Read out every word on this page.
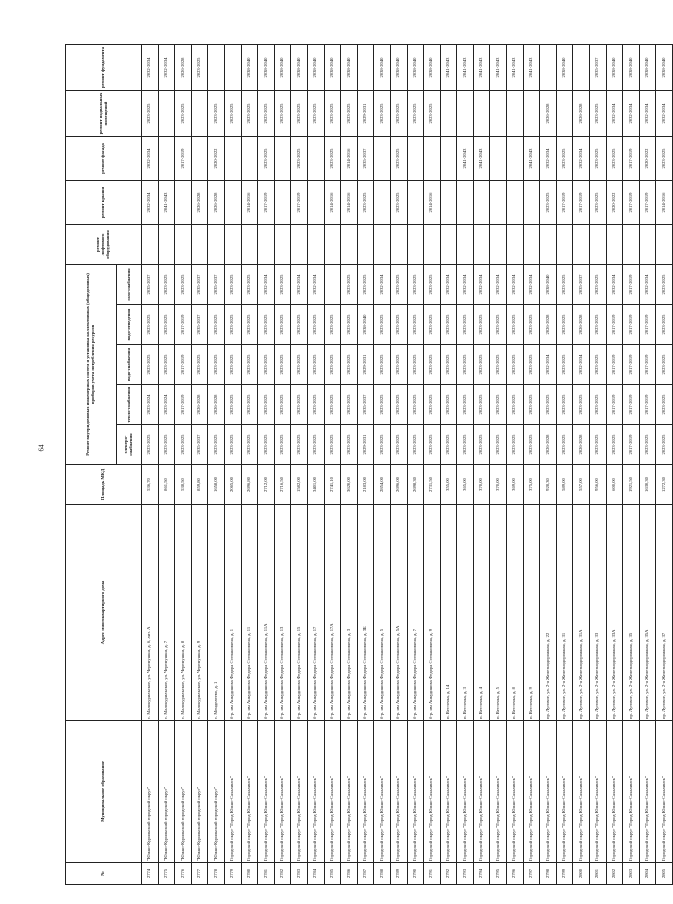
64
№	Муниципальное образование	Адрес многоквартирного дома	Площадь МКД	Ремонт внутридомовых инженерных систем и установка коллективных (общедомовых) приборов учета потребления ресурсов					ремонт лифтового оборудования	ремонт крыши	ремонт фасада	ремонт подвальных помещений	ремонт фундамента
				электро-снабжения	тепло-снабжения	водо-снабжения	водо-отведения	газо-снабжения					
2774	"Южно-Курильский городской округ"	с. Малокурильское, ул. Черемушки, д. 6, лит. А	536,70	2023-2025	2023-2024	2023-2025	2023-2025	2035-2037		2032-2034	2032-2034	2023-2025	2032-2034
2775	"Южно-Курильский городской округ"	с. Малокурильское, ул. Черемушки, д. 7	861,50	2023-2025	2023-2024	2023-2025	2023-2025	2023-2025		2041-2043			2032-2034
2776	"Южно-Курильский городской округ"	с. Малокурильское, ул. Черемушки, д. 8	538,50	2023-2025	2017-2019	2017-2019	2017-2019	2023-2025			2017-2019	2023-2025	2026-2028
2777	"Южно-Курильский городской округ"	с. Малокурильское, ул. Черемушки, д. 9	859,80	2035-2037	2026-2028	2023-2025	2035-2037	2035-2037		2026-2028			2023-2025
2778	"Южно-Курильский городской округ"	с. Менделеево, д. 1	1658,00	2023-2025	2026-2028	2023-2025	2023-2025	2035-2037		2026-2028	2020-2022	2023-2025	
2779	Городской округ "Город Южно-Сахалинск"	б-р. им Анкудинова Федора Степановича, д. 1	2065,00	2023-2025	2023-2025	2023-2025	2023-2025	2023-2025				2023-2025	
2780	Городской округ "Город Южно-Сахалинск"	б-р. им Анкудинова Федора Степановича, д. 11	2696,80	2023-2025	2023-2025	2023-2025	2023-2025	2023-2025		2014-2016		2023-2025	2038-2040
2781	Городской округ "Город Южно-Сахалинск"	б-р. им Анкудинова Федора Степановича, д. 11А	2712,00	2023-2025	2023-2025	2023-2025	2023-2025	2032-2034		2017-2019	2023-2025	2023-2025	2038-2040
2782	Городской округ "Город Южно-Сахалинск"	б-р. им Анкудинова Федора Степановича, д. 13	2716,50	2023-2025	2023-2025	2023-2025	2023-2025	2023-2025				2023-2025	2038-2040
2783	Городской округ "Город Южно-Сахалинск"	б-р. им Анкудинова Федора Степановича, д. 15	1582,00	2023-2025	2023-2025	2023-2025	2023-2025	2032-2034		2017-2019	2023-2025	2023-2025	2038-2040
2784	Городской округ "Город Южно-Сахалинск"	б-р. им Анкудинова Федора Степановича, д. 17	3401,00	2023-2025	2023-2025	2023-2025	2023-2025	2032-2034				2023-2025	2038-2040
2785	Городской округ "Город Южно-Сахалинск"	б-р. им Анкудинова Федора Степановича, д. 17А	2741,10	2023-2025	2023-2025	2023-2025	2023-2025			2014-2016	2023-2025	2023-2025	2038-2040
2786	Городской округ "Город Южно-Сахалинск"	б-р. им Анкудинова Федора Степановича, д. 3	3620,00	2023-2025	2023-2025	2023-2025	2023-2025	2023-2025		2014-2016	2014-2016	2023-2025	2038-2040
2787	Городской округ "Город Южно-Сахалинск"	б-р. им Анкудинова Федора Степановича, д. 3Б	2183,00	2029-2031	2035-2037	2029-2031	2038-2040	2023-2025		2023-2025	2035-2037	2029-2031	
2788	Городской округ "Город Южно-Сахалинск"	б-р. им Анкудинова Федора Степановича, д. 5	2854,00	2023-2025	2023-2025	2023-2025	2023-2025	2032-2034				2023-2025	2038-2040
2789	Городской округ "Город Южно-Сахалинск"	б-р. им Анкудинова Федора Степановича, д. 5А	2696,00	2023-2025	2023-2025	2023-2025	2023-2025	2023-2025		2023-2025	2023-2025	2023-2025	2038-2040
2790	Городской округ "Город Южно-Сахалинск"	б-р. им Анкудинова Федора Степановича, д. 7	2698,30	2023-2025	2023-2025	2023-2025	2023-2025	2023-2025				2023-2025	2038-2040
2791	Городской округ "Город Южно-Сахалинск"	б-р. им Анкудинова Федора Степановича, д. 9	2731,50	2023-2025	2023-2025	2023-2025	2023-2025	2023-2025		2014-2016		2023-2025	2038-2040
2792	Городской округ "Город Южно-Сахалинск"	п. Весточка, д. 14	355,00	2023-2025	2023-2025	2023-2025	2023-2025	2032-2034					2041-2043
2793	Городской округ "Город Южно-Сахалинск"	п. Весточка, д. 3	365,00	2023-2025	2023-2025	2023-2025	2023-2025	2032-2034			2041-2043		2041-2043
2794	Городской округ "Город Южно-Сахалинск"	п. Весточка, д. 4	370,00	2023-2025	2023-2025	2023-2025	2023-2025	2032-2034			2041-2043		2041-2043
2795	Городской округ "Город Южно-Сахалинск"	п. Весточка, д. 5	370,00	2023-2025	2023-2025	2023-2025	2023-2025	2032-2034					2041-2043
2796	Городской округ "Город Южно-Сахалинск"	п. Весточка, д. 8	369,00	2023-2025	2023-2025	2023-2025	2023-2025	2032-2034					2041-2043
2797	Городской округ "Город Южно-Сахалинск"	п. Весточка, д. 9	375,00	2023-2025	2023-2025	2023-2025	2023-2025	2032-2034			2041-2043		2041-2043
2798	Городской округ "Город Южно-Сахалинск"	пр. Луговое, ул. 2-я Железнодорожная, д. 22	928,30	2026-2028	2023-2025	2032-2034	2026-2028	2038-2040		2023-2025	2032-2034	2026-2028	
2799	Городской округ "Город Южно-Сахалинск"	пр. Луговое, ул. 2-я Железнодорожная, д. 31	589,00	2023-2025	2023-2025	2023-2025	2023-2025	2023-2025		2017-2019	2023-2025		2038-2040
2800	Городской округ "Город Южно-Сахалинск"	пр. Луговое, ул. 2-я Железнодорожная, д. 31А	557,00	2026-2028	2023-2025	2032-2034	2026-2028	2035-2037		2017-2019	2032-2034	2026-2028	
2801	Городской округ "Город Южно-Сахалинск"	пр. Луговое, ул. 2-я Железнодорожная, д. 33	956,00	2023-2025	2023-2025	2023-2025	2023-2025	2023-2025		2023-2025	2023-2025	2023-2025	2035-2037
2802	Городской округ "Город Южно-Сахалинск"	пр. Луговое, ул. 2-я Железнодорожная, д. 33А	600,00	2023-2025	2017-2019	2017-2019	2017-2019	2032-2034		2020-2022	2023-2025	2032-2034	2038-2040
2803	Городской округ "Город Южно-Сахалинск"	пр. Луговое, ул. 2-я Железнодорожная, д. 35	1921,50	2017-2019	2017-2019	2017-2019	2017-2019	2017-2019		2017-2019	2017-2019	2032-2034	2038-2040
2804	Городской округ "Город Южно-Сахалинск"	пр. Луговое, ул. 2-я Железнодорожная, д. 35А	1630,30	2023-2025	2017-2019	2017-2019	2017-2019	2032-2034		2017-2019	2020-2022	2032-2034	2038-2040
2805	Городской округ "Город Южно-Сахалинск"	пр. Луговое, ул. 2-я Железнодорожная, д. 37	1272,30	2023-2025	2023-2025	2023-2025	2023-2025	2023-2025		2014-2016	2023-2025	2032-2034	2038-2040
